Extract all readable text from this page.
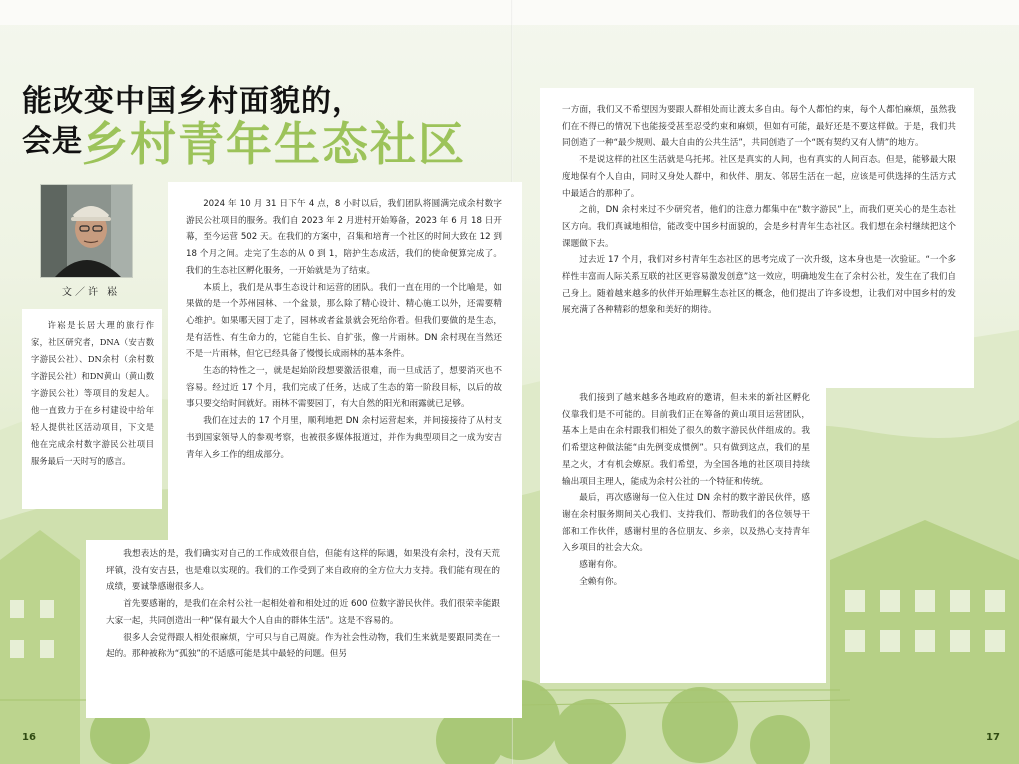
能改变中国乡村面貌的，
会是 乡村青年生态社区
文／许 崧

许崧是长居大理的旅行作家，社区研究者，DNA（安吉数字游民公社）、DN余村（余村数字游民公社）和DN黄山（黄山数字游民公社）等项目的发起人。他一直致力于在乡村建设中给年轻人提供社区活动项目，下文是他在完成余村数字游民公社项目服务最后一天时写的感言。

2024 年 10 月 31 日下午 4 点，8 小时以后，我们团队将圆满完成余村数字游民公社项目的服务。我们自 2023 年 2 月进村开始筹备，2023 年 6 月 18 日开幕，至今运营 502 天。在我们的方案中，召集和培育一个社区的时间大致在 12 到 18 个月之间。走完了生态的从 0 到 1，陪护生态成活，我们的使命便算完成了。我们的生态社区孵化服务，一开始就是为了结束。

本质上，我们是从事生态设计和运营的团队。我们一直在用的一个比喻是，如果做的是一个苏州园林、一个盆景，那么除了精心设计、精心施工以外，还需要精心维护。如果哪天园丁走了，园林或者盆景就会死给你看。但我们要做的是生态，是有活性、有生命力的，它能自生长、自扩张，像一片雨林。DN 余村现在当然还不是一片雨林，但它已经具备了慢慢长成雨林的基本条件。

生态的特性之一，就是起始阶段想要激活很难，而一旦成活了，想要消灭也不容易。经过近 17 个月，我们完成了任务，达成了生态的第一阶段目标，以后的故事只要交给时间就好。雨林不需要园丁，有大自然的阳光和雨露就已足够。

我们在过去的 17 个月里，顺利地把 DN 余村运营起来，并间接接待了从村支书到国家领导人的参观考察，也被很多媒体报道过，并作为典型项目之一成为安吉青年入乡工作的组成部分。

我想表达的是，我们确实对自己的工作成效很自信，但能有这样的际遇，如果没有余村，没有天荒坪镇，没有安吉县，也是难以实现的。我们的工作受到了来自政府的全方位大力支持。我们能有现在的成绩，要诚挚感谢很多人。

首先要感谢的，是我们在余村公社一起相处着和相处过的近 600 位数字游民伙伴。我们很荣幸能跟大家一起，共同创造出一种“保有最大个人自由的群体生活”。这是不容易的。

很多人会觉得跟人相处很麻烦，宁可只与自己周旋。作为社会性动物，我们生来就是要跟同类在一起的。那种被称为“孤独”的不适感可能是其中最轻的问题。但另

一方面，我们又不希望因为要跟人群相处而让渡太多自由。每个人都怕约束，每个人都怕麻烦，虽然我们在不得已的情况下也能接受甚至忍受约束和麻烦，但如有可能，最好还是不要这样做。于是，我们共同创造了一种“最少规则、最大自由的公共生活”，共同创造了一个“既有契约又有人情”的地方。

不是说这样的社区生活就是乌托邦。社区是真实的人间，也有真实的人间百态。但是，能够最大限度地保有个人自由，同时又身处人群中，和伙伴、朋友、邻居生活在一起，应该是可供选择的生活方式中最适合的那种了。

之前，DN 余村来过不少研究者，他们的注意力都集中在“数字游民”上，而我们更关心的是生态社区方向。我们真诚地相信，能改变中国乡村面貌的，会是乡村青年生态社区。我们想在余村继续把这个课题做下去。

过去近 17 个月，我们对乡村青年生态社区的思考完成了一次升级，这本身也是一次验证。“一个多样性丰富而人际关系互联的社区更容易激发创意”这一效应，明确地发生在了余村公社，发生在了我们自己身上。随着越来越多的伙伴开始理解生态社区的概念，他们提出了许多设想，让我们对中国乡村的发展充满了各种精彩的想象和美好的期待。

我们接到了越来越多各地政府的邀请，但未来的新社区孵化仪靠我们是不可能的。目前我们正在筹备的黄山项目运营团队，基本上是由在余村跟我们相处了很久的数字游民伙伴组成的。我们希望这种做法能“由先例变成惯例”。只有做到这点，我们的星星之火，才有机会燎原。我们希望，为全国各地的社区项目持续输出项目主理人，能成为余村公社的一个特征和传统。

最后，再次感谢每一位入住过 DN 余村的数字游民伙伴，感谢在余村服务期间关心我们、支持我们、帮助我们的各位领导干部和工作伙伴，感谢村里的各位朋友、乡亲，以及热心支持青年入乡项目的社会大众。

感谢有你。

全赖有你。

16	17
